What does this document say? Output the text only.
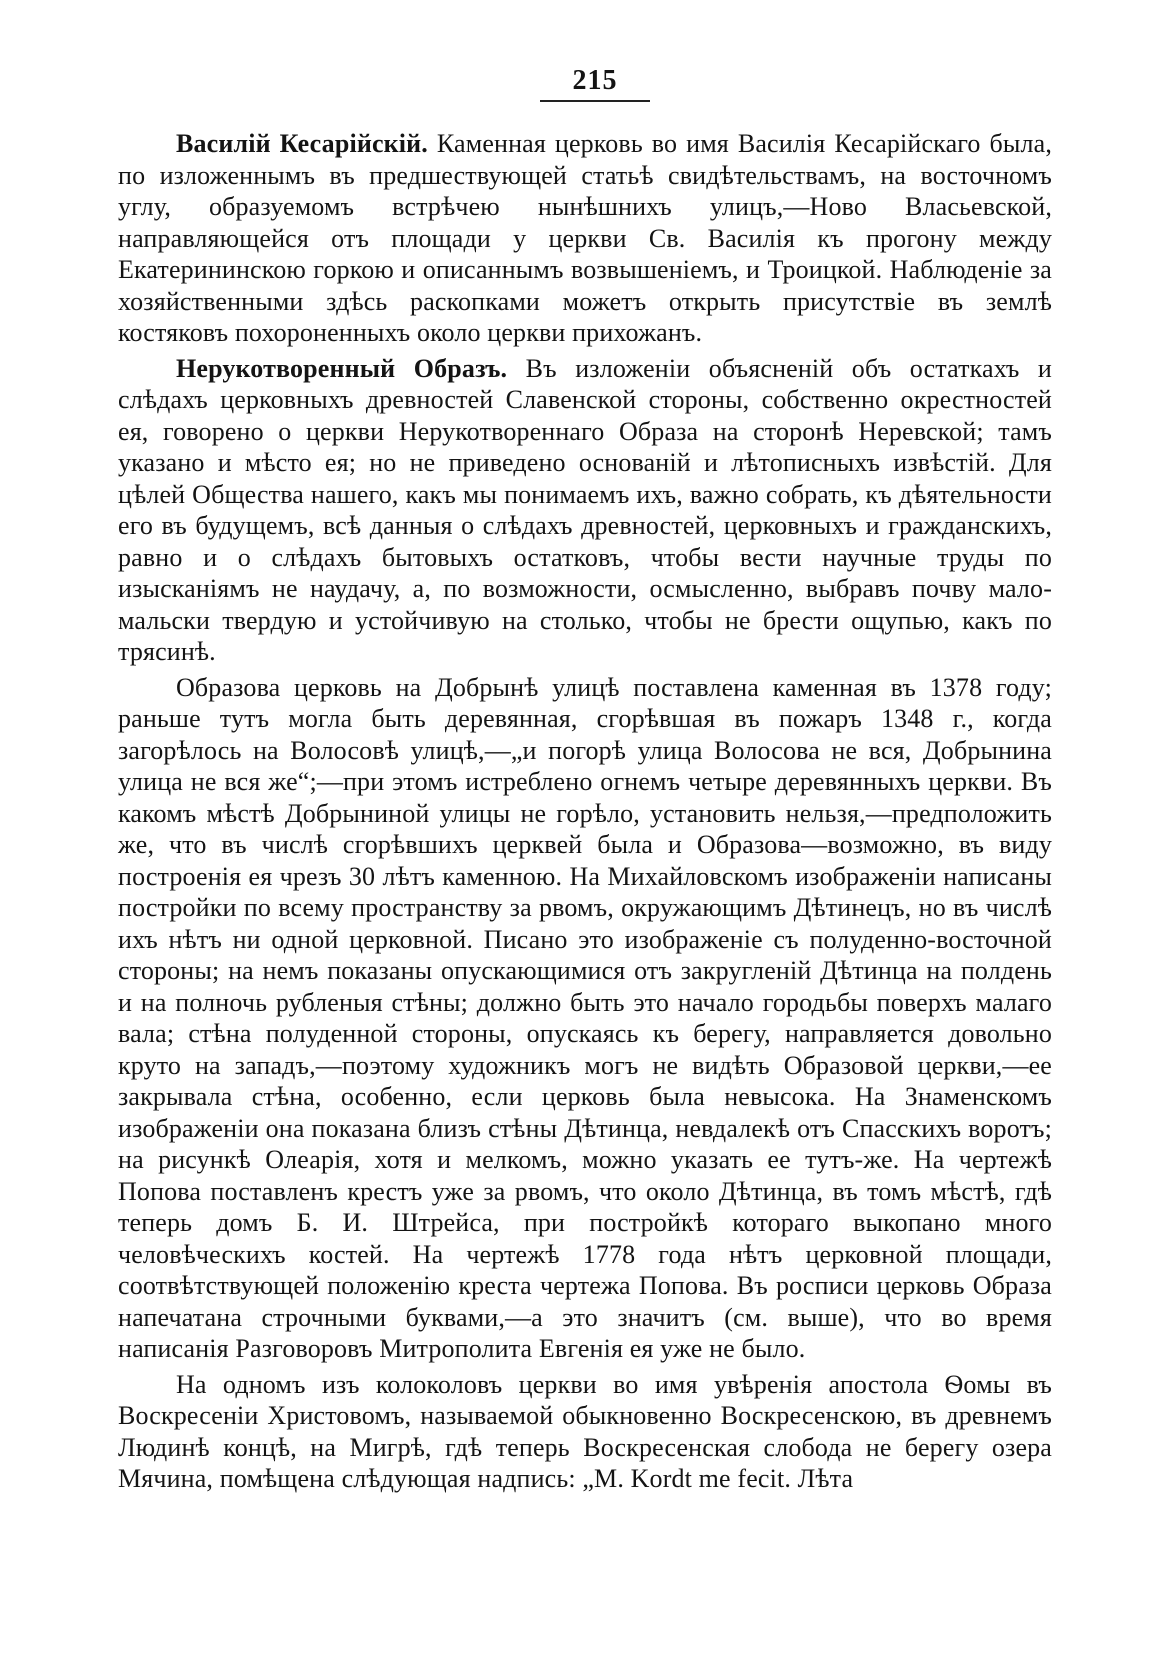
215

Василій Кесарійскій. Каменная церковь во имя Василія Кесарійскаго была, по изложеннымъ въ предшествующей статьѣ свидѣтельствамъ, на восточномъ углу, образуемомъ встрѣчею нынѣшнихъ улицъ,—Ново Власьевской, направляющейся отъ площади у церкви Св. Василія къ прогону между Екатерининскою горкою и описаннымъ возвышеніемъ, и Троицкой. Наблюденіе за хозяйственными здѣсь раскопками можетъ открыть присутствіе въ землѣ костяковъ похороненныхъ около церкви прихожанъ.

Нерукотворенный Образъ. Въ изложеніи объясненій объ остаткахъ и слѣдахъ церковныхъ древностей Славенской стороны, собственно окрестностей ея, говорено о церкви Нерукотвореннаго Образа на сторонѣ Неревской; тамъ указано и мѣсто ея; но не приведено основаній и лѣтописныхъ извѣстій. Для цѣлей Общества нашего, какъ мы понимаемъ ихъ, важно собрать, къ дѣятельности его въ будущемъ, всѣ данныя о слѣдахъ древностей, церковныхъ и гражданскихъ, равно и о слѣдахъ бытовыхъ остатковъ, чтобы вести научные труды по изысканіямъ не наудачу, а, по возможности, осмысленно, выбравъ почву мало-мальски твердую и устойчивую на столько, чтобы не брести ощупью, какъ по трясинѣ.

Образова церковь на Добрынѣ улицѣ поставлена каменная въ 1378 году; раньше тутъ могла быть деревянная, сгорѣвшая въ пожаръ 1348 г., когда загорѣлось на Волосовѣ улицѣ,—„и погорѣ улица Волосова не вся, Добрынина улица не вся же“;—при этомъ истреблено огнемъ четыре деревянныхъ церкви. Въ какомъ мѣстѣ Добрыниной улицы не горѣло, установить нельзя,—предположить же, что въ числѣ сгорѣвшихъ церквей была и Образова—возможно, въ виду построенія ея чрезъ 30 лѣтъ каменною. На Михайловскомъ изображеніи написаны постройки по всему пространству за рвомъ, окружающимъ Дѣтинецъ, но въ числѣ ихъ нѣтъ ни одной церковной. Писано это изображеніе съ полуденно-восточной стороны; на немъ показаны опускающимися отъ закругленій Дѣтинца на полдень и на полночь рубленыя стѣны; должно быть это начало городьбы поверхъ малаго вала; стѣна полуденной стороны, опускаясь къ берегу, направляется довольно круто на западъ,—поэтому художникъ могъ не видѣть Образовой церкви,—ее закрывала стѣна, особенно, если церковь была невысока. На Знаменскомъ изображеніи она показана близъ стѣны Дѣтинца, невдалекѣ отъ Спасскихъ воротъ; на рисункѣ Олеарія, хотя и мелкомъ, можно указать ее тутъ-же. На чертежѣ Попова поставленъ крестъ уже за рвомъ, что около Дѣтинца, въ томъ мѣстѣ, гдѣ теперь домъ Б. И. Штрейса, при постройкѣ котораго выкопано много человѣческихъ костей. На чертежѣ 1778 года нѣтъ церковной площади, соотвѣтствующей положенію креста чертежа Попова. Въ росписи церковь Образа напечатана строчными буквами,—а это значитъ (см. выше), что во время написанія Разговоровъ Митрополита Евгенія ея уже не было.

На одномъ изъ колоколовъ церкви во имя увѣренія апостола Ѳомы въ Воскресеніи Христовомъ, называемой обыкновенно Воскресенскою, въ древнемъ Людинѣ концѣ, на Мигрѣ, гдѣ теперь Воскресенская слобода не берегу озера Мячина, помѣщена слѣдующая надпись: „M. Kordt me fecit. Лѣта
